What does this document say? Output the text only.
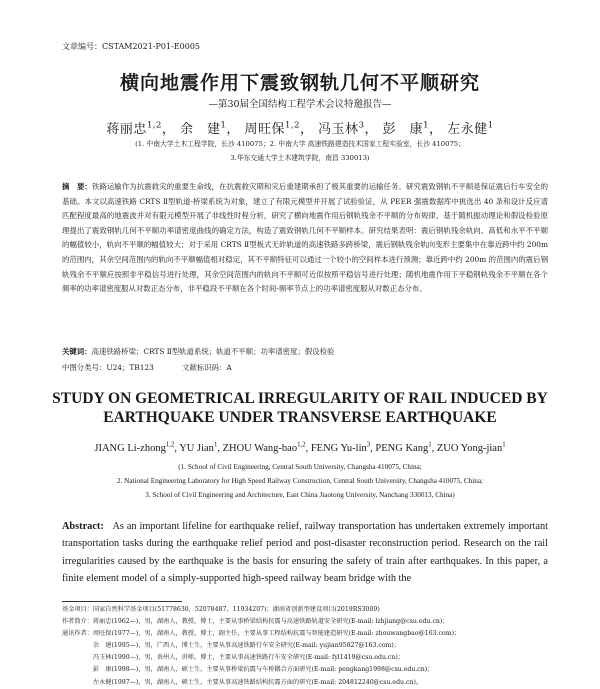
文章编号：CSTAM2021-P01-E0005
横向地震作用下震致钢轨几何不平顺研究
—第30届全国结构工程学术会议特邀报告—
蒋丽忠$^{1,2}$， 余　建$^1$， 周旺保$^{1,2}$， 冯玉林$^3$， 彭　康$^1$， 左永健$^1$
(1. 中南大学土木工程学院，长沙 410075；2. 中南大学 高速铁路建造技术国家工程实验室，长沙 410075；
3.华东交通大学土木建筑学院，南昌 330013)
摘　要：铁路运输作为抗震救灾的重要生命线，在抗震救灾期和灾后重建期承担了极其重要的运输任务。研究震致钢轨不平顺是保证震后行车安全的基础。本文以高速铁路 CRTS Ⅱ型轨道-桥梁系统为对象，建立了有限元模型并开展了试验验证，从 PEER 强震数据库中挑选出 40 条和设计反应谱匹配程度最高的地震波并对有限元模型开展了非线性时程分析，研究了横向地震作用后钢轨残余不平顺的分布规律，基于随机振动理论和假设检验原理提出了震致钢轨几何不平顺功率谱密度曲线的确定方法，构造了震致钢轨几何不平顺样本。研究结果表明：震后钢轨残余轨向、高低和水平不平顺的幅值较小，轨向不平顺的幅值较大；对于采用 CRTS Ⅱ型板式无砟轨道的高速铁路多跨桥梁，震后钢轨残余轨向变形主要集中在靠近跨中约 200m 的范围内，其余空间范围内的轨向不平顺幅值相对稳定，其不平顺特征可以通过一个较小的空间样本进行预测；靠近跨中约 200m 的范围内的震后钢轨残余不平顺应按照非平稳信号进行处理，其余空间范围内的轨向不平顺可近似按照平稳信号进行处理；随机地震作用下平稳钢轨残余不平顺在各个频率的功率谱密度服从对数正态分布，非平稳段不平顺在各个时间-频率节点上的功率谱密度服从对数正态分布。
关键词：高速铁路桥梁；CRTS Ⅱ型轨道系统；轨道不平顺；功率谱密度；假设检验
中图分类号：U24；TB123	文献标识码：A
STUDY ON GEOMETRICAL IRREGULARITY OF RAIL INDUCED BY
EARTHQUAKE UNDER TRANSVERSE EARTHQUAKE
JIANG Li-zhong$^{1,2}$, YU Jian$^1$, ZHOU Wang-bao$^{1,2}$, FENG Yu-lin$^3$, PENG Kang$^1$, ZUO Yong-jian$^1$
(1. School of Civil Engineering, Central South University, Changsha 410075, China;
2. National Engineering Laboratory for High Speed Railway Construction, Central South University, Changsha 410075, China;
3. School of Civil Engineering and Architecture, East China Jiaotong University, Nanchang 330013, China)
Abstract: As an important lifeline for earthquake relief, railway transportation has undertaken extremely important transportation tasks during the earthquake relief period and post-disaster reconstruction period. Research on the rail irregularities caused by the earthquake is the basis for ensuring the safety of train after earthquakes. In this paper, a finite element model of a simply-supported high-speed railway beam bridge with the
基金项目：国家自然科学基金项目(51778630，52078487，11934207)；湖南省创新型建设项目(2019RS3009)
作者简介：蒋丽忠(1962—)，男，湖南人，教授，博士，主要从事桥梁结构抗震与高速铁路轨道安全研究(E-mail: lzhjiang@csu.edu.cn)；
通讯作者：周旺保(1977—)，男，湖南人，教授，博士，副主任，主要从事工程结构抗震与智能建造研究(E-mail: zhouwangbao@163.com)；
　　　　　余　建(1995—)，男，广西人，博士生，主要从事高速铁路行车安全研究(E-mail: yujian95827@163.com)；
　　　　　冯玉林(1990—)，男，贵州人，讲师，博士，主要从事高速铁路行车安全研究(E-mail: fyl1419@csu.edu.cn)；
　　　　　彭　康(1998—)，男，湖南人，硕士生，主要从事桥梁抗震与车桥耦合方面研究(E-mail: pengkang1998@csu.edu.cn)；
　　　　　左永健(1997—)，男，湖南人，硕士生，主要从事高速铁路结构抗震方面的研究(E-mail: 204812240@csu.edu.cn)。
